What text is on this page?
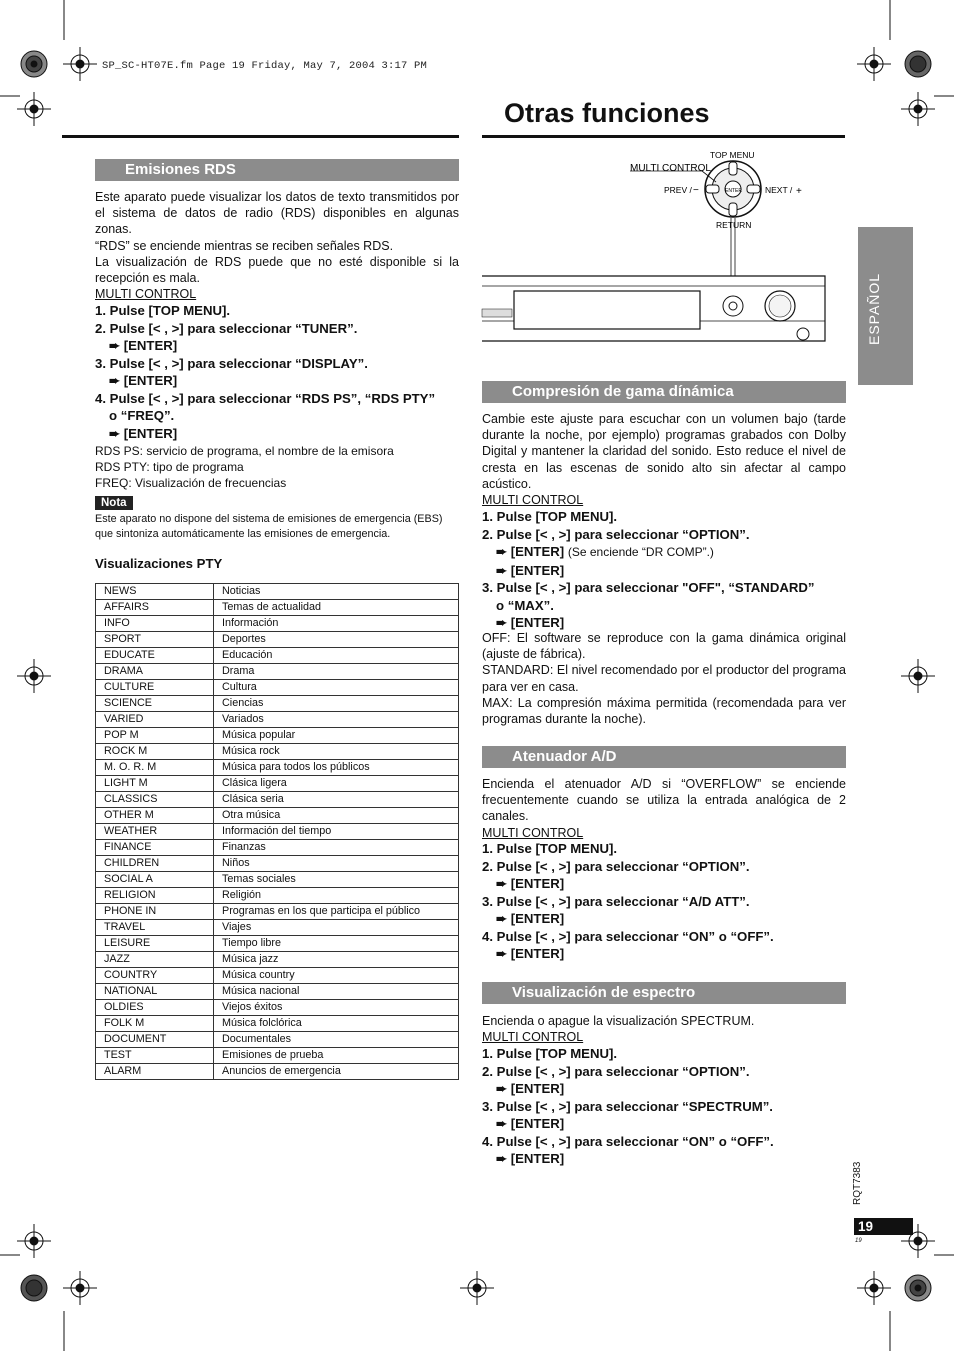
SP_SC-HT07E.fm Page 19 Friday, May 7, 2004 3:17 PM
Otras funciones
ESPAÑOL
Emisiones RDS

Este aparato puede visualizar los datos de texto transmitidos por el sistema de datos de radio (RDS) disponibles en algunas zonas.

“RDS” se enciende mientras se reciben señales RDS.

La visualización de RDS puede que no esté disponible si la recepción es mala.

MULTI CONTROL

1. Pulse [TOP MENU].

2. Pulse [< , >] para seleccionar “TUNER”.

➨ [ENTER]

3. Pulse [< , >] para seleccionar “DISPLAY”.

➨ [ENTER]

4. Pulse [< , >] para seleccionar “RDS PS”, “RDS PTY”

o “FREQ”.

➨ [ENTER]

RDS PS: servicio de programa, el nombre de la emisora

RDS PTY: tipo de programa

FREQ: Visualización de frecuencias

Nota

Este aparato no dispone del sistema de emisiones de emergencia (EBS) que sintoniza automáticamente las emisiones de emergencia.

Visualizaciones PTY
NEWS	Noticias
AFFAIRS	Temas de actualidad
INFO	Información
SPORT	Deportes
EDUCATE	Educación
DRAMA	Drama
CULTURE	Cultura
SCIENCE	Ciencias
VARIED	Variados
POP M	Música popular
ROCK M	Música rock
M. O. R. M	Música para todos los públicos
LIGHT M	Clásica ligera
CLASSICS	Clásica seria
OTHER M	Otra música
WEATHER	Información del tiempo
FINANCE	Finanzas
CHILDREN	Niños
SOCIAL A	Temas sociales
RELIGION	Religión
PHONE IN	Programas en los que participa el público
TRAVEL	Viajes
LEISURE	Tiempo libre
JAZZ	Música jazz
COUNTRY	Música country
NATIONAL	Música nacional
OLDIES	Viejos éxitos
FOLK M	Música folclórica
DOCUMENT	Documentales
TEST	Emisiones de prueba
ALARM	Anuncios de emergencia
TOP MENU
MULTI CONTROL
PREV / −	NEXT / +
ENTER
RETURN
Compresión de gama dínámica

Cambie este ajuste para escuchar con un volumen bajo (tarde durante la noche, por ejemplo) programas grabados con Dolby Digital y mantener la claridad del sonido. Esto reduce el nivel de cresta en las escenas de sonido alto sin afectar al campo acústico.

MULTI CONTROL

1. Pulse [TOP MENU].

2. Pulse [< , >] para seleccionar “OPTION”.

➨ [ENTER] (Se enciende “DR COMP”.)

➨ [ENTER]

3. Pulse [< , >] para seleccionar "OFF", “STANDARD”

o “MAX”.

➨ [ENTER]

OFF: El software se reproduce con la gama dinámica original (ajuste de fábrica).

STANDARD: El nivel recomendado por el productor del programa para ver en casa.

MAX: La compresión máxima permitida (recomendada para ver programas durante la noche).

Atenuador A/D

Encienda el atenuador A/D si “OVERFLOW” se enciende frecuentemente cuando se utiliza la entrada analógica de 2 canales.

MULTI CONTROL

1. Pulse [TOP MENU].

2. Pulse [< , >] para seleccionar “OPTION”.

➨ [ENTER]

3. Pulse [< , >] para seleccionar “A/D ATT”.

➨ [ENTER]

4. Pulse [< , >] para seleccionar “ON” o “OFF”.

➨ [ENTER]

Visualización de espectro

Encienda o apague la visualización SPECTRUM.

MULTI CONTROL

1. Pulse [TOP MENU].

2. Pulse [< , >] para seleccionar “OPTION”.

➨ [ENTER]

3. Pulse [< , >] para seleccionar “SPECTRUM”.

➨ [ENTER]

4. Pulse [< , >] para seleccionar “ON” o “OFF”.

➨ [ENTER]

RQT7383
19
19
